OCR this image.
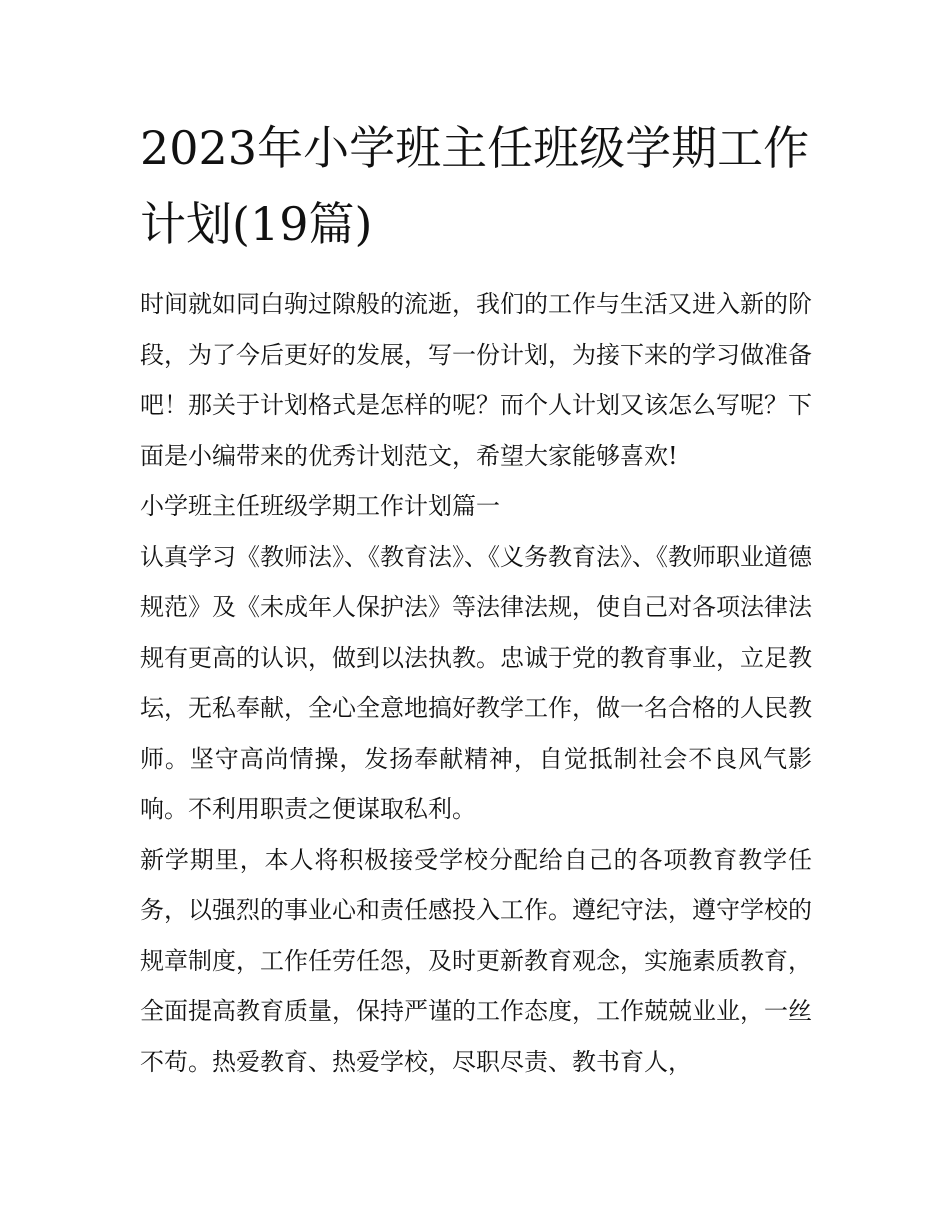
2023年小学班主任班级学期工作计划(19篇)

时间就如同白驹过隙般的流逝，我们的工作与生活又进入新的阶段，为了今后更好的发展，写一份计划，为接下来的学习做准备吧！那关于计划格式是怎样的呢？而个人计划又该怎么写呢？下面是小编带来的优秀计划范文，希望大家能够喜欢!

小学班主任班级学期工作计划篇一

认真学习《教师法》、《教育法》、《义务教育法》、《教师职业道德规范》及《未成年人保护法》等法律法规，使自己对各项法律法规有更高的认识，做到以法执教。忠诚于党的教育事业，立足教坛，无私奉献，全心全意地搞好教学工作，做一名合格的人民教师。坚守高尚情操，发扬奉献精神，自觉抵制社会不良风气影响。不利用职责之便谋取私利。

新学期里，本人将积极接受学校分配给自己的各项教育教学任务，以强烈的事业心和责任感投入工作。遵纪守法，遵守学校的规章制度，工作任劳任怨，及时更新教育观念，实施素质教育，全面提高教育质量，保持严谨的工作态度，工作兢兢业业，一丝不苟。热爱教育、热爱学校，尽职尽责、教书育人，
